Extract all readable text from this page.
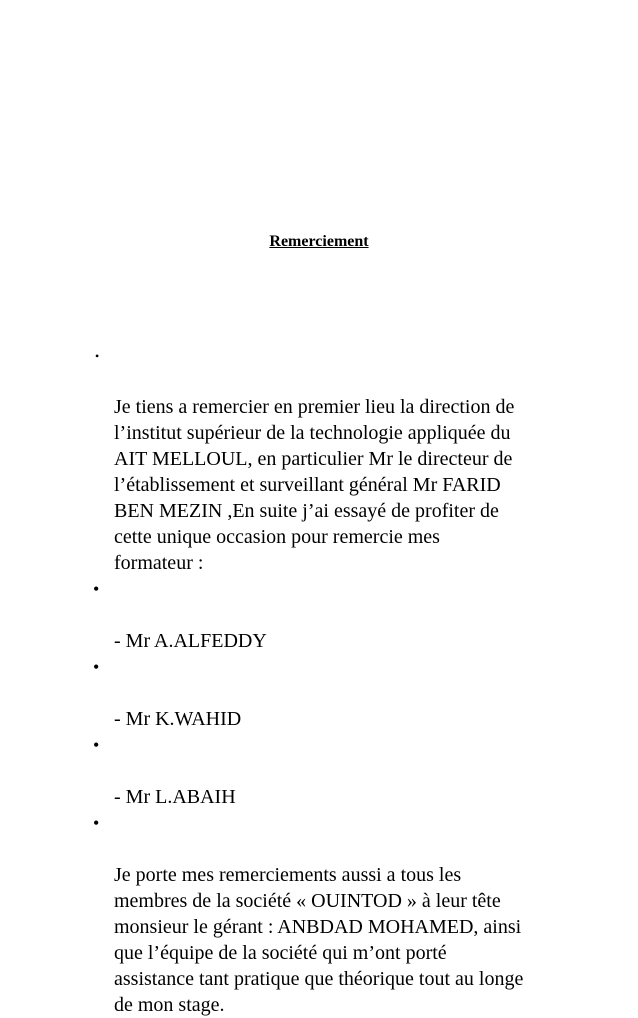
Remerciement

•

Je tiens a remercier en premier lieu la direction de
l’institut supérieur de la technologie appliquée du
AIT MELLOUL, en particulier Mr le directeur de
l’établissement et surveillant général Mr FARID
BEN MEZIN ,En suite j’ai essayé de profiter de
cette unique occasion pour remercie mes
formateur :

•

- Mr A.ALFEDDY

•

- Mr K.WAHID

•

- Mr L.ABAIH

•

Je porte mes remerciements aussi a tous les
membres de la société « OUINTOD » à leur tête
monsieur le gérant : ANBDAD MOHAMED, ainsi
que l’équipe de la société qui m’ont porté
assistance tant pratique que théorique tout au longe
de mon stage.
